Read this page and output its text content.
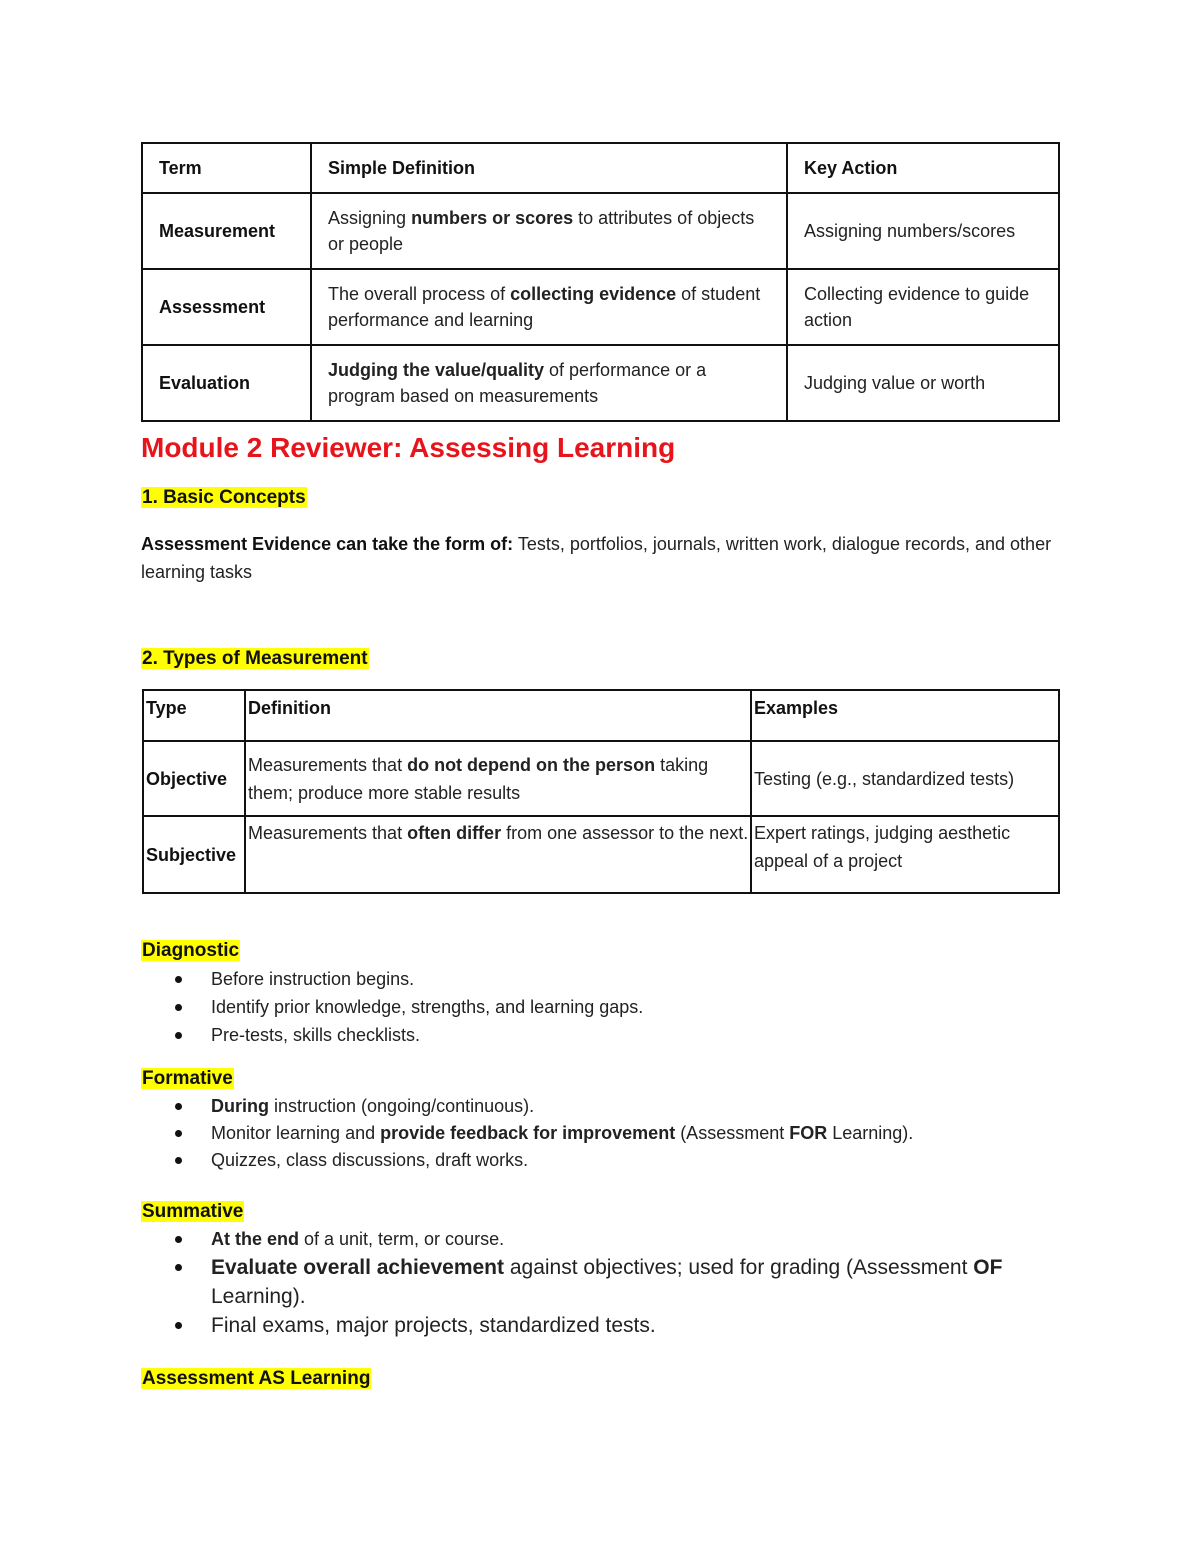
Term	Simple Definition	Key Action
Measurement	Assigning numbers or scores to attributes of objects or people	Assigning numbers/scores
Assessment	The overall process of collecting evidence of student performance and learning	Collecting evidence to guide action
Evaluation	Judging the value/quality of performance or a program based on measurements	Judging value or worth
Module 2 Reviewer: Assessing Learning
1. Basic Concepts
Assessment Evidence can take the form of: Tests, portfolios, journals, written work, dialogue records, and other learning tasks
2. Types of Measurement
Type	Definition	Examples
Objective	Measurements that do not depend on the person taking them; produce more stable results	Testing (e.g., standardized tests)
Subjective	Measurements that often differ from one assessor to the next.	Expert ratings, judging aesthetic appeal of a project
Diagnostic
Before instruction begins.
Identify prior knowledge, strengths, and learning gaps.
Pre-tests, skills checklists.
Formative
During instruction (ongoing/continuous).
Monitor learning and provide feedback for improvement (Assessment FOR Learning).
Quizzes, class discussions, draft works.
Summative
At the end of a unit, term, or course.
Evaluate overall achievement against objectives; used for grading (Assessment OF Learning).
Final exams, major projects, standardized tests.
Assessment AS Learning
